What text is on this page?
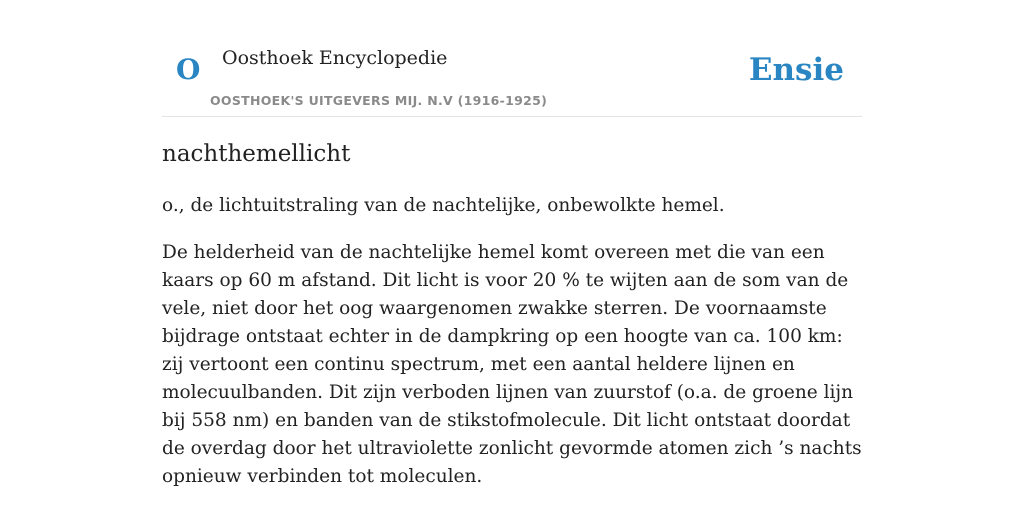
O Oosthoek Encyclopedie
OOSTHOEK'S UITGEVERS MIJ. N.V (1916-1925)
Ensie
nachthemellicht

o., de lichtuitstraling van de nachtelijke, onbewolkte hemel.

De helderheid van de nachtelijke hemel komt overeen met die van een kaars op 60 m afstand. Dit licht is voor 20 % te wijten aan de som van de vele, niet door het oog waargenomen zwakke sterren. De voornaamste bijdrage ontstaat echter in de dampkring op een hoogte van ca. 100 km: zij vertoont een continu spectrum, met een aantal heldere lijnen en molecuulbanden. Dit zijn verboden lijnen van zuurstof (o.a. de groene lijn bij 558 nm) en banden van de stikstofmolecule. Dit licht ontstaat doordat de overdag door het ultraviolette zonlicht gevormde atomen zich ’s nachts opnieuw verbinden tot moleculen.
